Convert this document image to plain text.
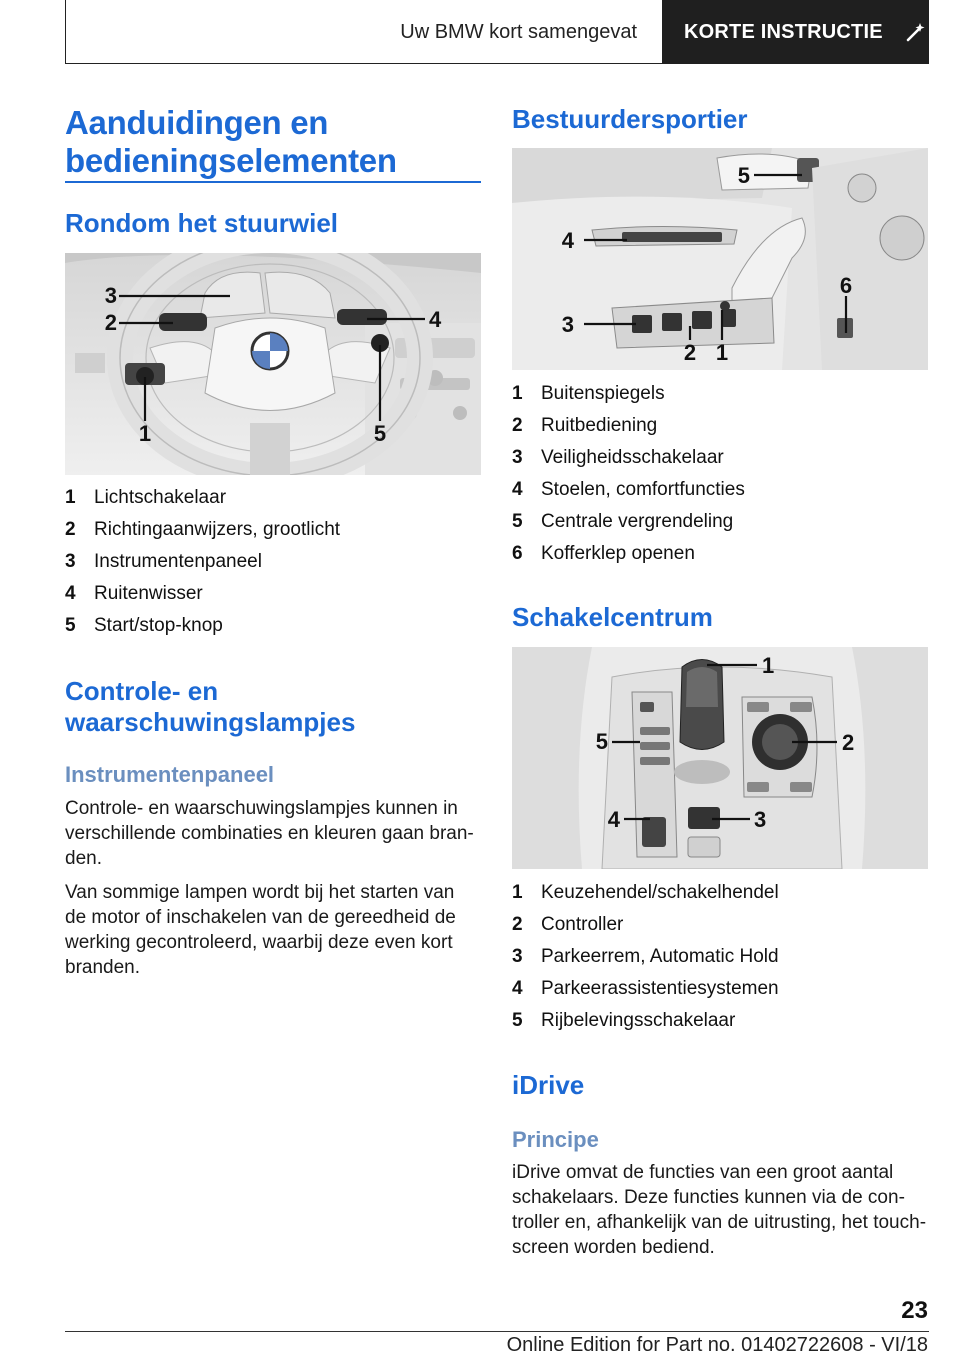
Uw BMW kort samengevat KORTE INSTRUCTIE
Aanduidingen en bedieningselementen
Rondom het stuurwiel
3
2	4
1	5
1 Lichtschakelaar
2 Richtingaanwijzers, grootlicht
3 Instrumentenpaneel
4 Ruitenwisser
5 Start/stop-knop
Controle- en waarschuwingslampjes
Instrumentenpaneel

Controle- en waarschuwingslampjes kunnen in verschillende combinaties en kleuren gaan branden.

Van sommige lampen wordt bij het starten van de motor of inschakelen van de gereedheid de werking gecontroleerd, waarbij deze even kort branden.

Bestuurdersportier
5
4
6
3
2 1
1 Buitenspiegels
2 Ruitbediening
3 Veiligheidsschakelaar
4 Stoelen, comfortfuncties
5 Centrale vergrendeling
6 Kofferklep openen
Schakelcentrum
1
5	2
4	3
1 Keuzehendel/schakelhendel
2 Controller
3 Parkeerrem, Automatic Hold
4 Parkeerassistentiesystemen
5 Rijbelevingsschakelaar
iDrive
Principe

iDrive omvat de functies van een groot aantal schakelaars. Deze functies kunnen via de controller en, afhankelijk van de uitrusting, het touchscreen worden bediend.

23
Online Edition for Part no. 01402722608 - VI/18
